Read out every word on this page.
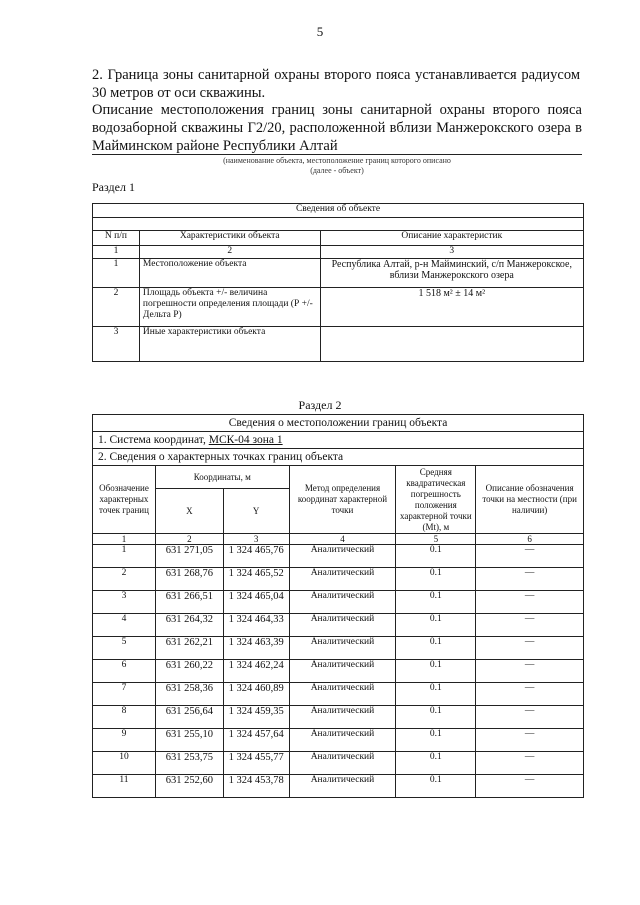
5
2. Граница зоны санитарной охраны второго пояса устанавливается радиусом 30 метров от оси скважины.
Описание местоположения границ зоны санитарной охраны второго пояса водозаборной скважины Г2/20, расположенной вблизи Манжерокского озера в Майминском районе Республики Алтай
(наименование объекта, местоположение границ которого описано
(далее - объект)
Раздел 1
Сведения об объекте		

N п/п	Характеристики объекта	Описание характеристик
1	2	3
1	Местоположение объекта	Республика Алтай, р-н Майминский, с/п Манжерокское, вблизи Манжерокского озера
2	Площадь объекта +/- величина погрешности определения площади (Р +/- Дельта Р)	1 518 м² ± 14 м²
3	Иные характеристики объекта	
Раздел 2
Сведения о местоположении границ объекта					
1. Система координат, МСК-04 зона 1					
2. Сведения о характерных точках границ объекта					
Обозначение характерных точек границ	Координаты, м		Метод определения координат характерной точки	Средняя квадратическая погрешность положения характерной точки (Мt), м	Описание обозначения точки на местности (при наличии)
	X	Y			
1	2	3	4	5	6
1	631 271,05	1 324 465,76	Аналитический	0.1	—
2	631 268,76	1 324 465,52	Аналитический	0.1	—
3	631 266,51	1 324 465,04	Аналитический	0.1	—
4	631 264,32	1 324 464,33	Аналитический	0.1	—
5	631 262,21	1 324 463,39	Аналитический	0.1	—
6	631 260,22	1 324 462,24	Аналитический	0.1	—
7	631 258,36	1 324 460,89	Аналитический	0.1	—
8	631 256,64	1 324 459,35	Аналитический	0.1	—
9	631 255,10	1 324 457,64	Аналитический	0.1	—
10	631 253,75	1 324 455,77	Аналитический	0.1	—
11	631 252,60	1 324 453,78	Аналитический	0.1	—
